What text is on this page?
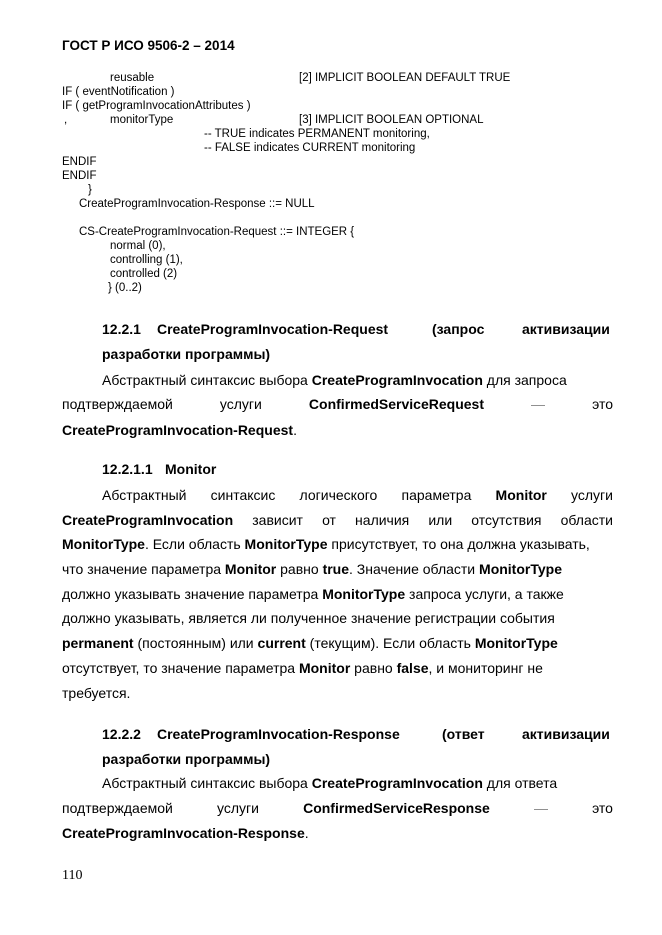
ГОСТ Р ИСО 9506-2 – 2014
reusable	[2] IMPLICIT BOOLEAN DEFAULT TRUE
IF ( eventNotification )
IF ( getProgramInvocationAttributes )
,	monitorType	[3] IMPLICIT BOOLEAN OPTIONAL
-- TRUE indicates PERMANENT monitoring,
-- FALSE indicates CURRENT monitoring
ENDIF
ENDIF
}
CreateProgramInvocation-Response ::= NULL
CS-CreateProgramInvocation-Request ::= INTEGER {
normal (0),
controlling (1),
controlled (2)
} (0..2)
12.2.1 CreateProgramInvocation-Request	(запрос	активизации
разработки программы)
Абстрактный синтаксис выбора CreateProgramInvocation для запроса
подтверждаемой	услуги	ConfirmedServiceRequest	—	это
CreateProgramInvocation-Request.
12.2.1.1 Monitor
Абстрактный синтаксис логического параметра Monitor услуги
CreateProgramInvocation зависит от наличия или отсутствия области
MonitorType. Если область MonitorType присутствует, то она должна указывать,
что значение параметра Monitor равно true. Значение области MonitorType
должно указывать значение параметра MonitorType запроса услуги, а также
должно указывать, является ли полученное значение регистрации события
permanent (постоянным) или current (текущим). Если область MonitorType
отсутствует, то значение параметра Monitor равно false, и мониторинг не
требуется.
12.2.2 CreateProgramInvocation-Response	(ответ	активизации
разработки программы)
Абстрактный синтаксис выбора CreateProgramInvocation для ответа
подтверждаемой	услуги	ConfirmedServiceResponse	—	это
CreateProgramInvocation-Response.
110
